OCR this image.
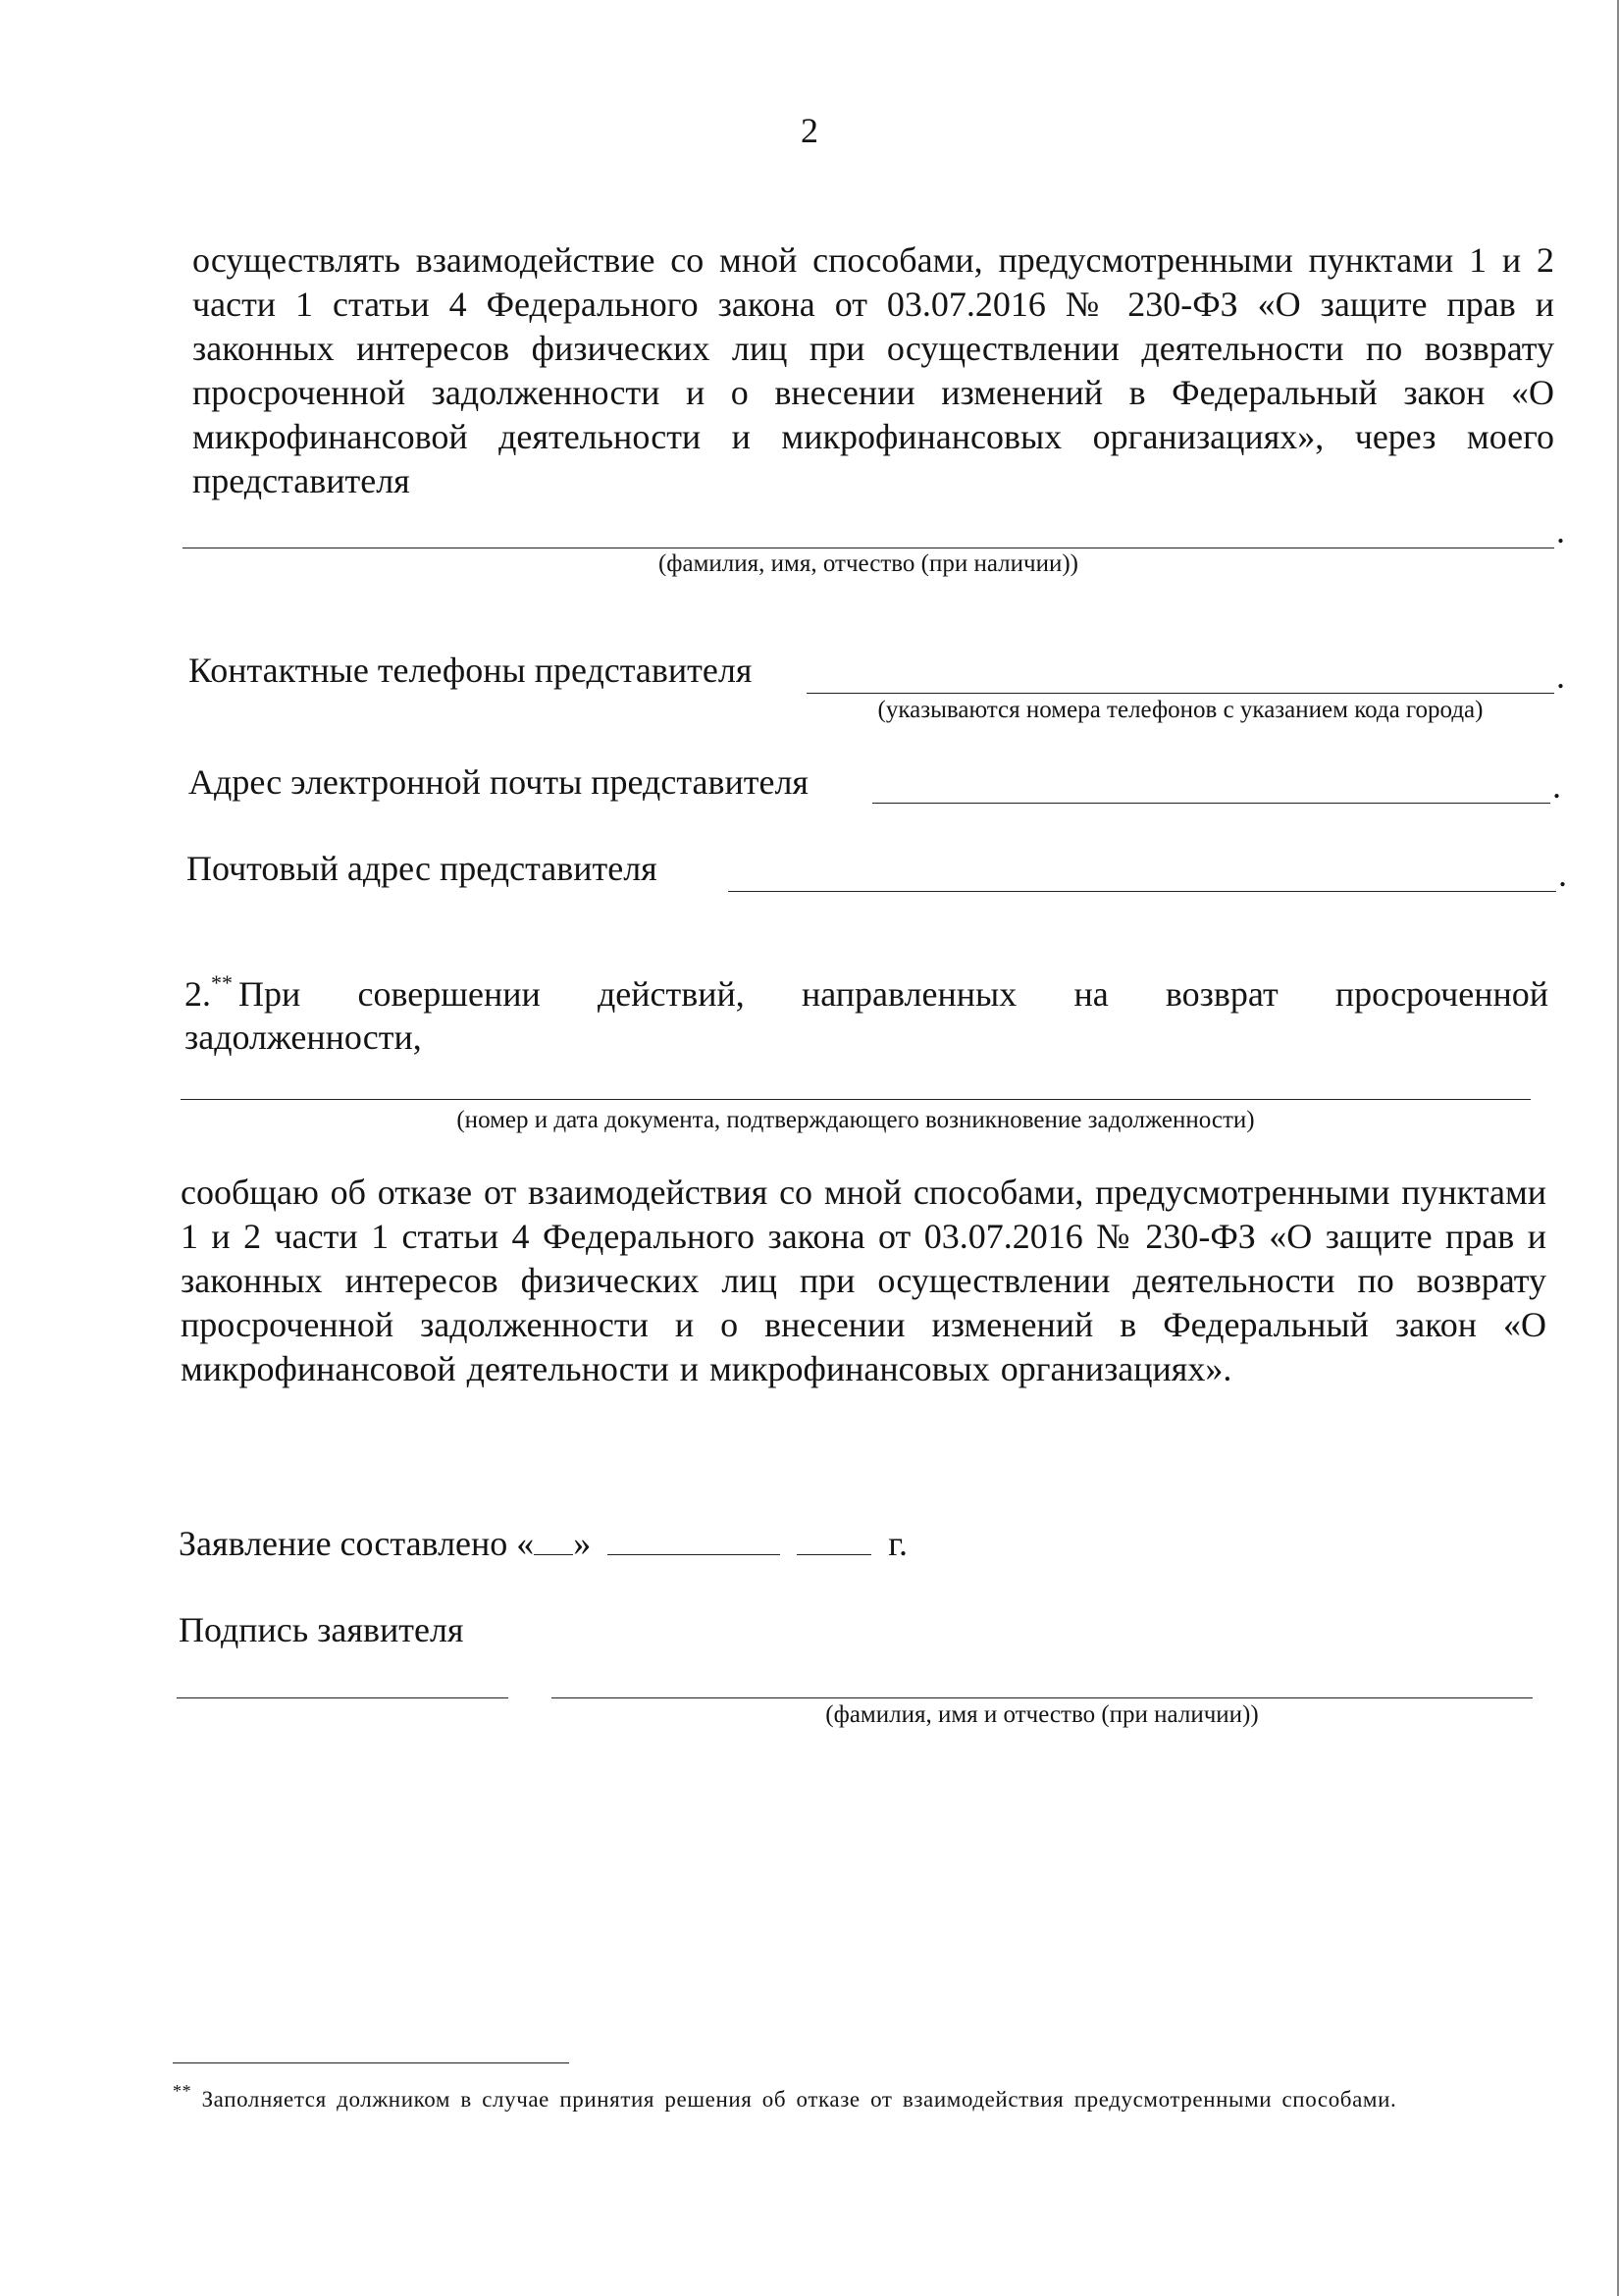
2
осуществлять взаимодействие со мной способами, предусмотренными пунктами 1 и 2 части 1 статьи 4 Федерального закона от 03.07.2016 № 230-ФЗ «О защите прав и законных интересов физических лиц при осуществлении деятельности по возврату просроченной задолженности и о внесении изменений в Федеральный закон «О микрофинансовой деятельности и микрофинансовых организациях», через моего представителя
.
(фамилия, имя, отчество (при наличии))
Контактные телефоны представителя	.
(указываются номера телефонов с указанием кода города)
Адрес электронной почты представителя	.
Почтовый адрес представителя	.
2.** При совершении действий, направленных на возврат просроченной
задолженности,
(номер и дата документа, подтверждающего возникновение задолженности)
сообщаю об отказе от взаимодействия со мной способами, предусмотренными пунктами 1 и 2 части 1 статьи 4 Федерального закона от 03.07.2016 № 230-ФЗ «О защите прав и законных интересов физических лиц при осуществлении деятельности по возврату просроченной задолженности и о внесении изменений в Федеральный закон «О микрофинансовой деятельности и микрофинансовых организациях».
Заявление составлено « »	г.
Подпись заявителя
(фамилия, имя и отчество (при наличии))
** Заполняется должником в случае принятия решения об отказе от взаимодействия предусмотренными способами.
